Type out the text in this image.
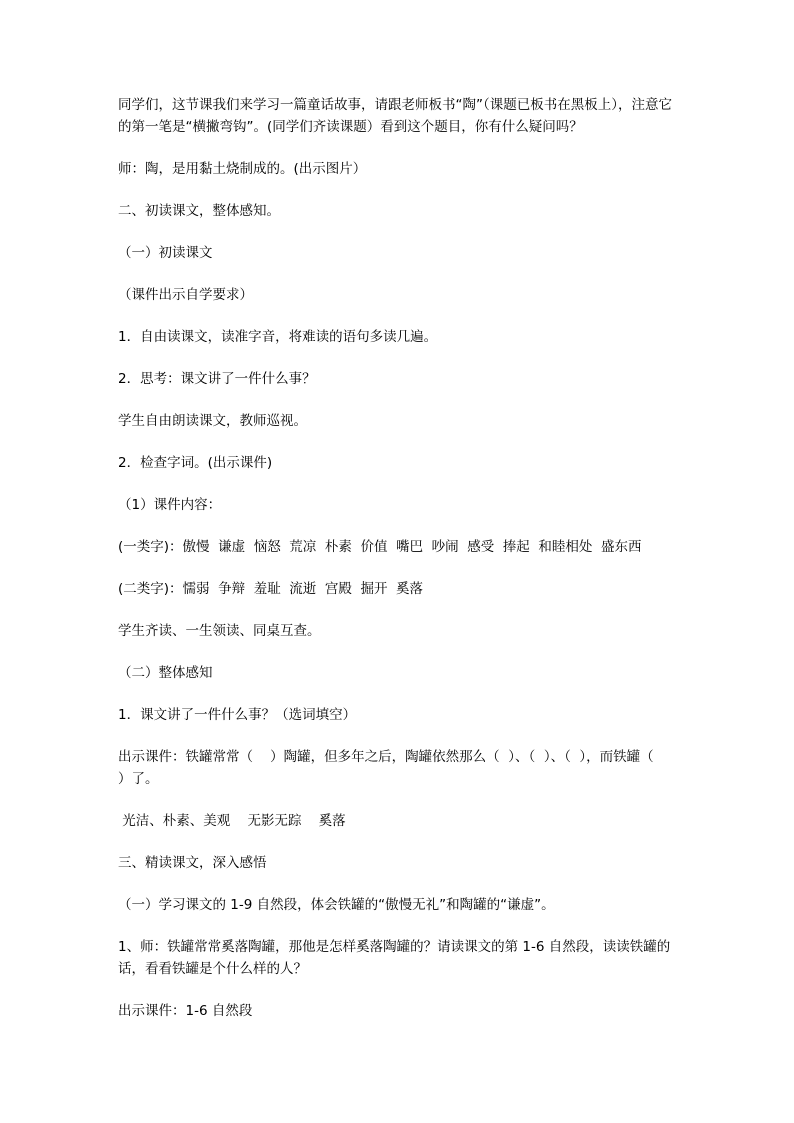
同学们，这节课我们来学习一篇童话故事，请跟老师板书“陶”（课题已板书在黑板上），注意它的第一笔是“横撇弯钩”。(同学们齐读课题）看到这个题目，你有什么疑问吗？

师：陶，是用黏土烧制成的。(出示图片）

二、初读课文，整体感知。

（一）初读课文

（课件出示自学要求）

1．自由读课文，读准字音，将难读的语句多读几遍。

2．思考：课文讲了一件什么事？

学生自由朗读课文，教师巡视。

2．检查字词。(出示课件)

（1）课件内容：

(一类字)：傲慢  谦虚  恼怒  荒凉  朴素  价值  嘴巴  吵闹  感受  捧起  和睦相处  盛东西

(二类字)：懦弱  争辩  羞耻  流逝  宫殿  掘开  奚落

学生齐读、一生领读、同桌互查。

（二）整体感知

1．课文讲了一件什么事？（选词填空）

出示课件：铁罐常常（    ）陶罐，但多年之后，陶罐依然那么（  ）、（  ）、（  ），而铁罐（     ）了。

光洁、朴素、美观    无影无踪    奚落

三、精读课文，深入感悟

（一）学习课文的 1-9 自然段，体会铁罐的“傲慢无礼”和陶罐的“谦虚”。

1、师：铁罐常常奚落陶罐，那他是怎样奚落陶罐的？请读课文的第 1-6 自然段，读读铁罐的话，看看铁罐是个什么样的人？

出示课件：1-6 自然段
